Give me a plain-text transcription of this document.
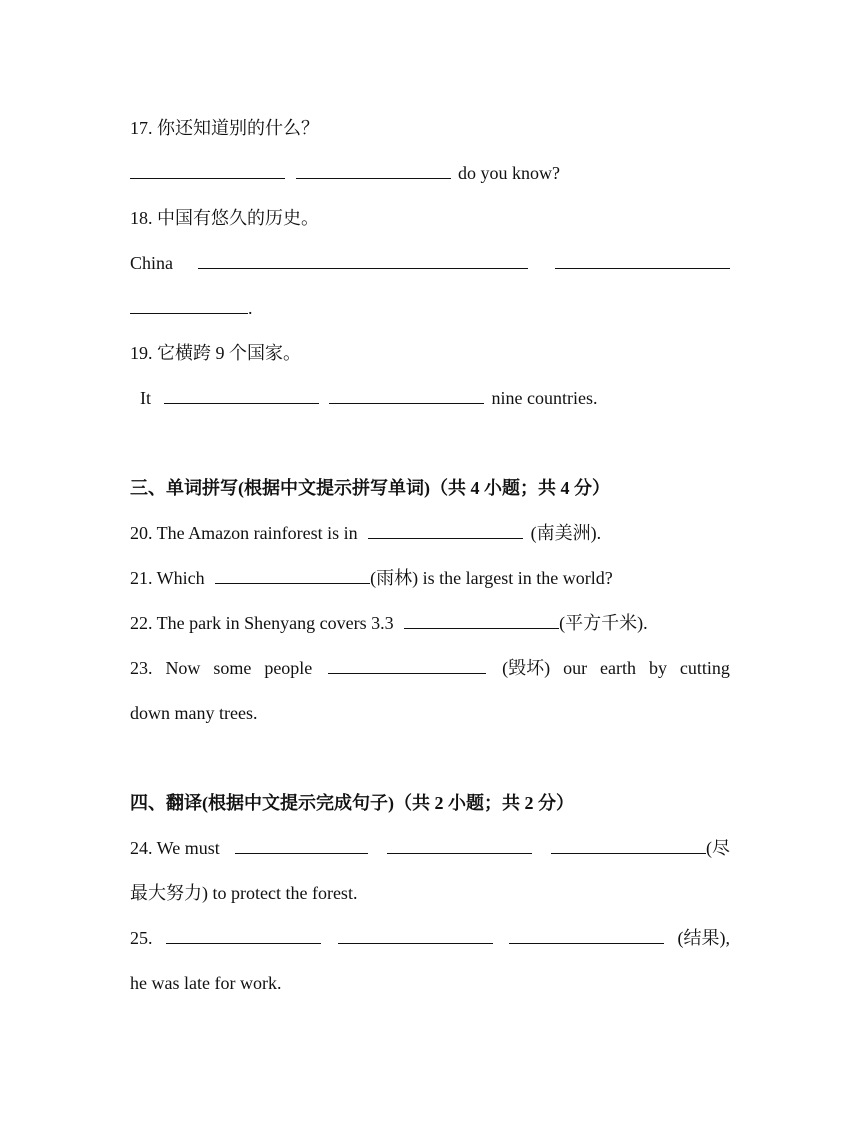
17. 你还知道别的什么？
do you know?
18. 中国有悠久的历史。
China
.
19. 它横跨 9 个国家。
It	nine countries.
三、单词拼写(根据中文提示拼写单词)（共 4 小题；共 4 分）
20. The Amazon rainforest is in	(南美洲).
21. Which	(雨林) is the largest in the world?
22. The park in Shenyang covers 3.3	(平方千米).
23. Now some people	(毁坏) our earth by cutting
down many trees.
四、翻译(根据中文提示完成句子)（共 2 小题；共 2 分）
24. We must	(尽
最大努力) to protect the forest.
25.	(结果),
he was late for work.
